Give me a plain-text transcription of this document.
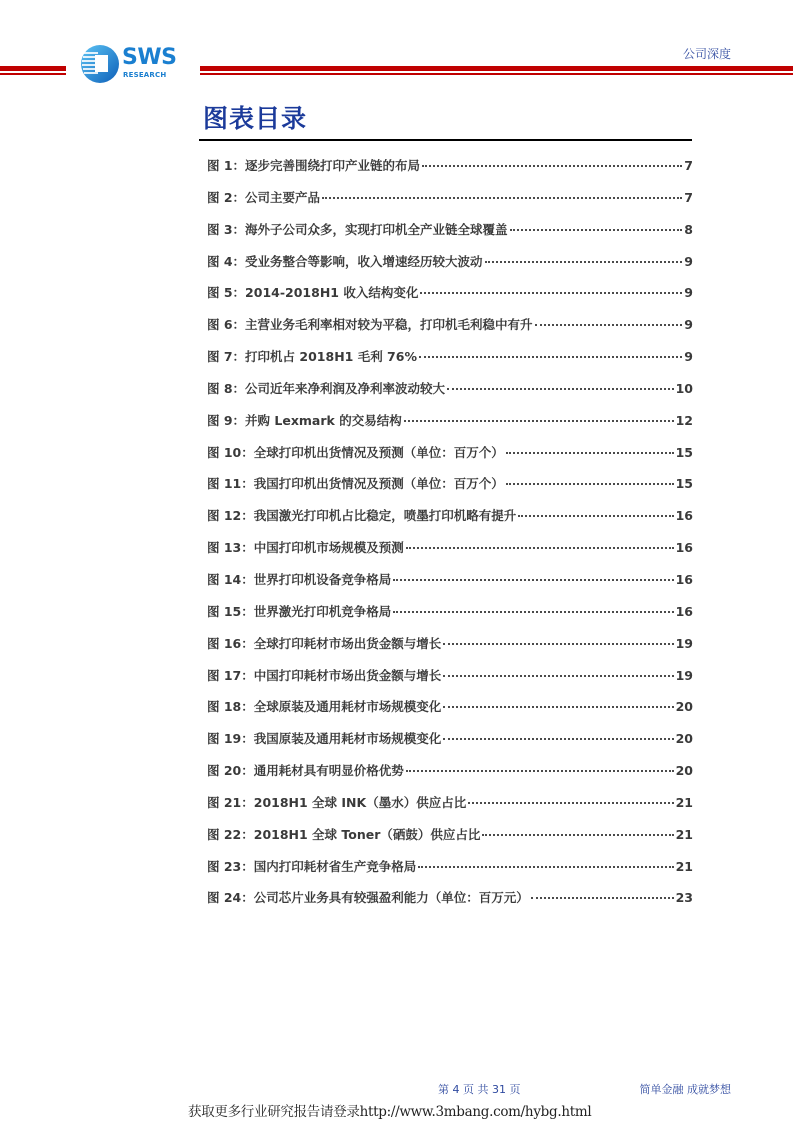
SWS
RESEARCH
公司深度
图表目录
图 1：逐步完善围绕打印产业链的布局	7
图 2：公司主要产品	7
图 3：海外子公司众多，实现打印机全产业链全球覆盖	8
图 4：受业务整合等影响，收入增速经历较大波动	9
图 5：2014-2018H1 收入结构变化	9
图 6：主营业务毛利率相对较为平稳，打印机毛利稳中有升	9
图 7：打印机占 2018H1 毛利 76%	9
图 8：公司近年来净利润及净利率波动较大	10
图 9：并购 Lexmark 的交易结构	12
图 10：全球打印机出货情况及预测（单位：百万个）	15
图 11：我国打印机出货情况及预测（单位：百万个）	15
图 12：我国激光打印机占比稳定，喷墨打印机略有提升	16
图 13：中国打印机市场规模及预测	16
图 14：世界打印机设备竞争格局	16
图 15：世界激光打印机竞争格局	16
图 16：全球打印耗材市场出货金额与增长	19
图 17：中国打印耗材市场出货金额与增长	19
图 18：全球原装及通用耗材市场规模变化	20
图 19：我国原装及通用耗材市场规模变化	20
图 20：通用耗材具有明显价格优势	20
图 21：2018H1 全球 INK（墨水）供应占比	21
图 22：2018H1 全球 Toner（硒鼓）供应占比	21
图 23：国内打印耗材省生产竞争格局	21
图 24：公司芯片业务具有较强盈利能力（单位：百万元）	23
第 4 页 共 31 页	简单金融 成就梦想
获取更多行业研究报告请登录http://www.3mbang.com/hybg.html
